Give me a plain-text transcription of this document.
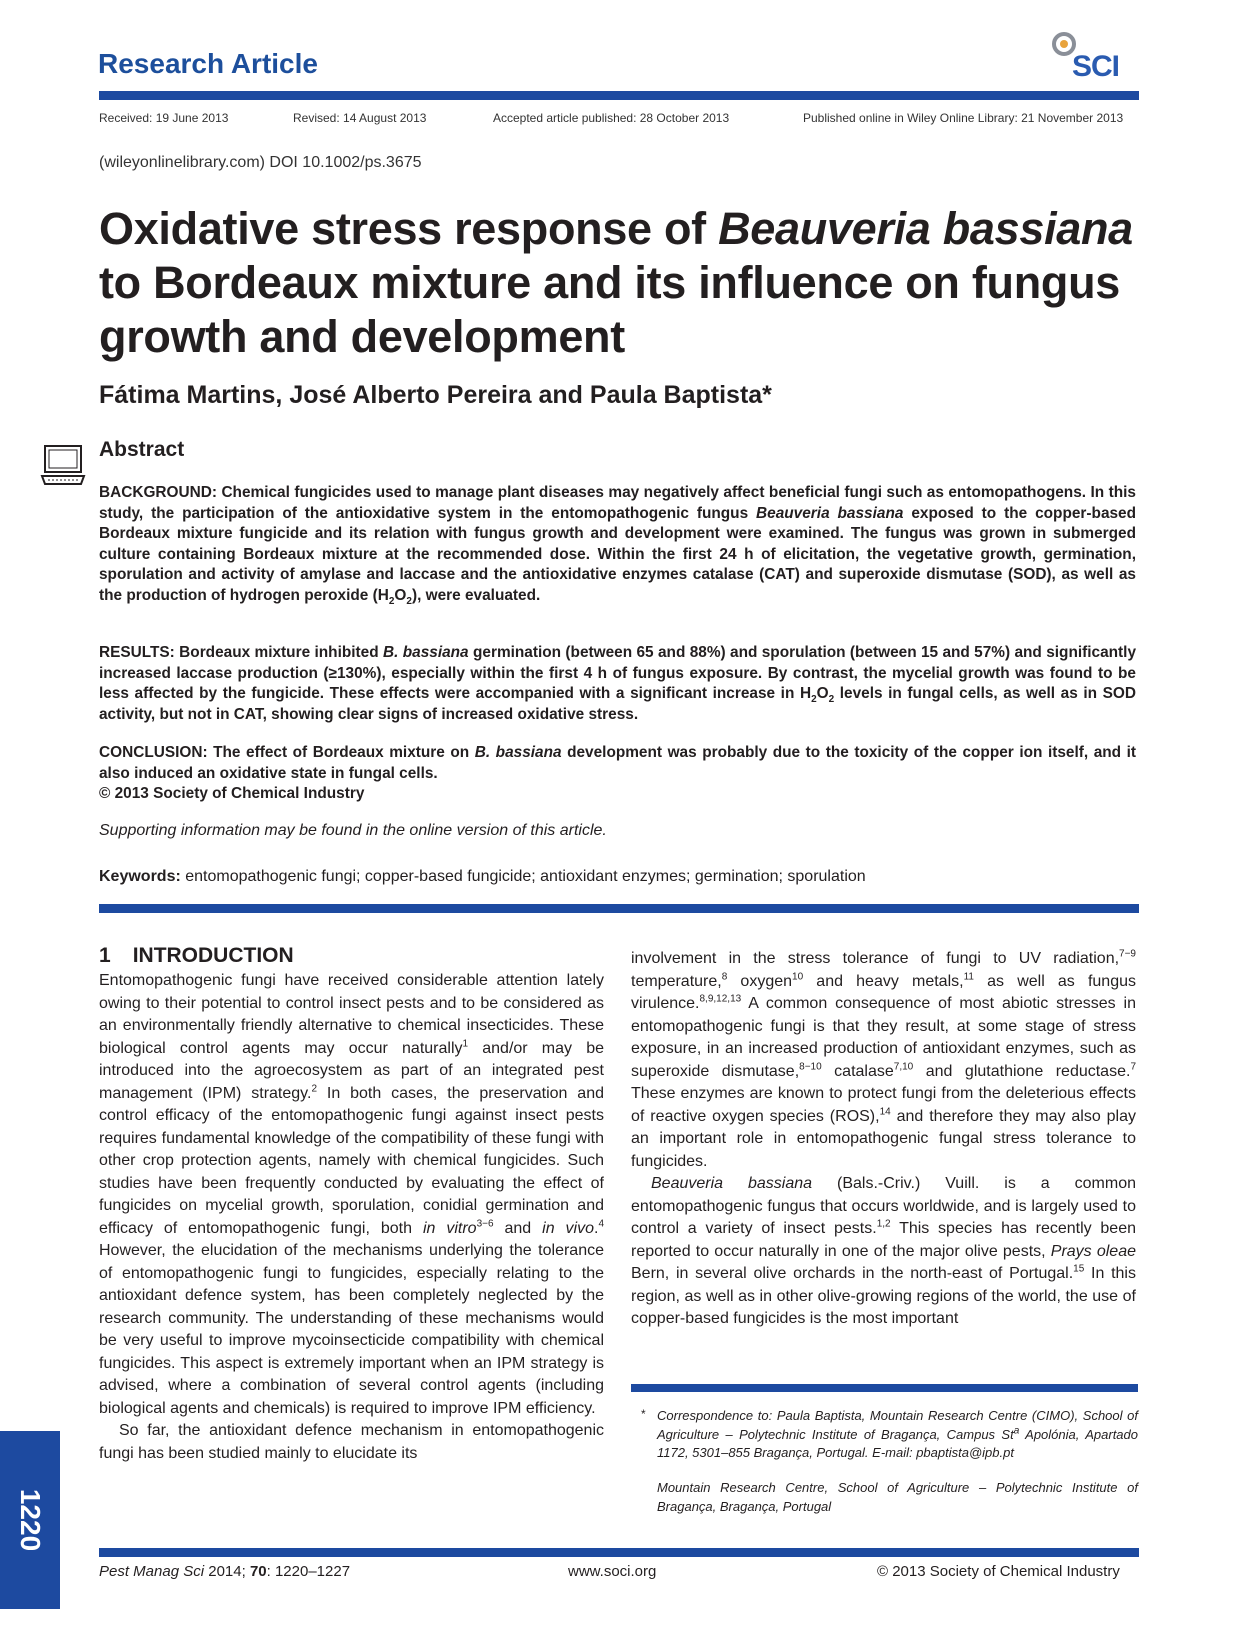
Research Article	SCI
Received: 19 June 2013	Revised: 14 August 2013	Accepted article published: 28 October 2013	Published online in Wiley Online Library: 21 November 2013
(wileyonlinelibrary.com) DOI 10.1002/ps.3675
Oxidative stress response of Beauveria bassiana to Bordeaux mixture and its influence on fungus growth and development
Fátima Martins, José Alberto Pereira and Paula Baptista*
Abstract
BACKGROUND: Chemical fungicides used to manage plant diseases may negatively affect beneficial fungi such as entomopathogens. In this study, the participation of the antioxidative system in the entomopathogenic fungus Beauveria bassiana exposed to the copper-based Bordeaux mixture fungicide and its relation with fungus growth and development were examined. The fungus was grown in submerged culture containing Bordeaux mixture at the recommended dose. Within the first 24 h of elicitation, the vegetative growth, germination, sporulation and activity of amylase and laccase and the antioxidative enzymes catalase (CAT) and superoxide dismutase (SOD), as well as the production of hydrogen peroxide $(H_2O_2)$, were evaluated.
RESULTS: Bordeaux mixture inhibited B. bassiana germination (between 65 and 88%) and sporulation (between 15 and 57%) and significantly increased laccase production (≥130%), especially within the first 4 h of fungus exposure. By contrast, the mycelial growth was found to be less affected by the fungicide. These effects were accompanied with a significant increase in $H_2O_2$ levels in fungal cells, as well as in SOD activity, but not in CAT, showing clear signs of increased oxidative stress.
CONCLUSION: The effect of Bordeaux mixture on B. bassiana development was probably due to the toxicity of the copper ion itself, and it also induced an oxidative state in fungal cells.
© 2013 Society of Chemical Industry
Supporting information may be found in the online version of this article.
Keywords: entomopathogenic fungi; copper-based fungicide; antioxidant enzymes; germination; sporulation
1 INTRODUCTION

Entomopathogenic fungi have received considerable attention lately owing to their potential to control insect pests and to be considered as an environmentally friendly alternative to chemical insecticides. These biological control agents may occur naturally$^1$ and/or may be introduced into the agroecosystem as part of an integrated pest management (IPM) strategy.$^2$ In both cases, the preservation and control efficacy of the entomopathogenic fungi against insect pests requires fundamental knowledge of the compatibility of these fungi with other crop protection agents, namely with chemical fungicides. Such studies have been frequently conducted by evaluating the effect of fungicides on mycelial growth, sporulation, conidial germination and efficacy of entomopathogenic fungi, both in vitro$^{3-6}$ and in vivo.$^4$ However, the elucidation of the mechanisms underlying the tolerance of entomopathogenic fungi to fungicides, especially relating to the antioxidant defence system, has been completely neglected by the research community. The understanding of these mechanisms would be very useful to improve mycoinsecticide compatibility with chemical fungicides. This aspect is extremely important when an IPM strategy is advised, where a combination of several control agents (including biological agents and chemicals) is required to improve IPM efficiency.

So far, the antioxidant defence mechanism in entomopathogenic fungi has been studied mainly to elucidate its

involvement in the stress tolerance of fungi to UV radiation,$^{7-9}$ temperature,$^8$ oxygen$^{10}$ and heavy metals,$^{11}$ as well as fungus virulence.$^{8,9,12,13}$ A common consequence of most abiotic stresses in entomopathogenic fungi is that they result, at some stage of stress exposure, in an increased production of antioxidant enzymes, such as superoxide dismutase,$^{8-10}$ catalase$^{7,10}$ and glutathione reductase.$^7$ These enzymes are known to protect fungi from the deleterious effects of reactive oxygen species (ROS),$^{14}$ and therefore they may also play an important role in entomopathogenic fungal stress tolerance to fungicides.

Beauveria bassiana (Bals.-Criv.) Vuill. is a common entomopathogenic fungus that occurs worldwide, and is largely used to control a variety of insect pests.$^{1,2}$ This species has recently been reported to occur naturally in one of the major olive pests, Prays oleae Bern, in several olive orchards in the north-east of Portugal.$^{15}$ In this region, as well as in other olive-growing regions of the world, the use of copper-based fungicides is the most important

* Correspondence to: Paula Baptista, Mountain Research Centre (CIMO), School of Agriculture – Polytechnic Institute of Bragança, Campus St$^a$ Apolónia, Apartado 1172, 5301–855 Bragança, Portugal. E-mail: pbaptista@ipb.pt
Mountain Research Centre, School of Agriculture – Polytechnic Institute of Bragança, Bragança, Portugal
Pest Manag Sci 2014; 70: 1220–1227	www.soci.org	© 2013 Society of Chemical Industry
1220
